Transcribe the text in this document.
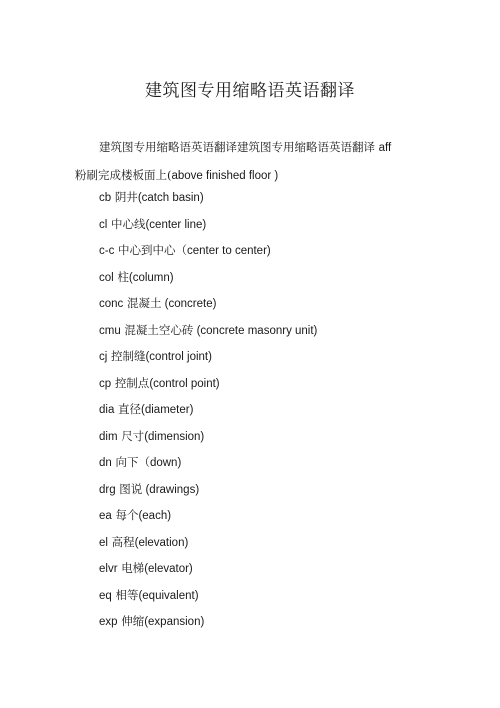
建筑图专用缩略语英语翻译
建筑图专用缩略语英语翻译建筑图专用缩略语英语翻译 aff 粉刷完成楼板面上(above finished floor )
cb 阴井(catch basin)
cl 中心线(center line)
c-c 中心到中心（center to center)
col 柱(column)
conc 混凝土 (concrete)
cmu 混凝土空心砖 (concrete masonry unit)
cj 控制缝(control joint)
cp 控制点(control point)
dia 直径(diameter)
dim 尺寸(dimension)
dn 向下（down)
drg 图说 (drawings)
ea 每个(each)
el 高程(elevation)
elvr 电梯(elevator)
eq 相等(equivalent)
exp 伸缩(expansion)
